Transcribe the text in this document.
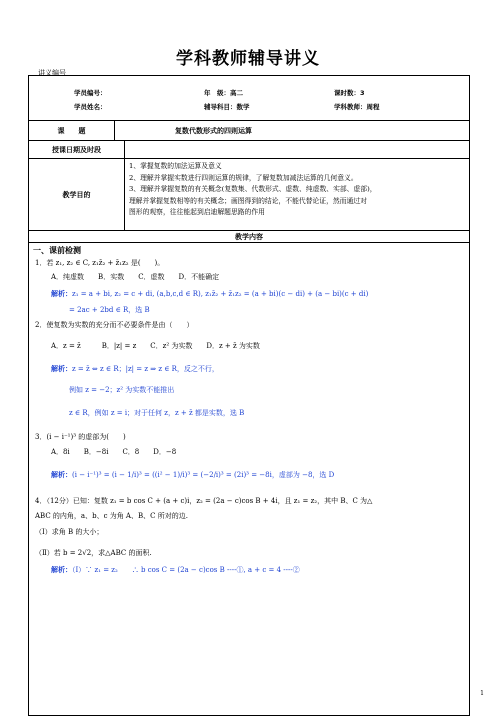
学科教师辅导讲义
讲义编号
学员编号：	年　级：高二	课时数：3
学员姓名：	辅导科目：数学	学科教师：周程
课　　题	复数代数形式的四则运算
授课日期及时段
教学目的
1、掌握复数的加法运算及意义
2、理解并掌握实数进行四则运算的规律，了解复数加减法运算的几何意义。
3、理解并掌握复数的有关概念(复数集、代数形式、虚数、纯虚数、实部、虚部)，
理解并掌握复数相等的有关概念；画图得到的结论，不能代替论证，然而通过对
图形的观察，往往能起到启迪解题思路的作用
教学内容
一、课前检测
1．若 z₁, z₂ ∈ C, z₁z̄₂ + z̄₁z₂ 是(　　)。
A．纯虚数　　B．实数　　C．虚数　　D．不能确定
解析：z₁ = a + bi, z₂ = c + di, (a,b,c,d ∈ R), z₁z̄₂ + z̄₁z₂ = (a + bi)(c − di) + (a − bi)(c + di)
= 2ac + 2bd ∈ R，选 B
2．使复数为实数的充分而不必要条件是由（　　）
A．z = z̄　　　B．|z| = z　　C．z² 为实数　　D．z + z̄ 为实数
解析：z = z̄ ⇔ z ∈ R；|z| = z ⇒ z ∈ R，反之不行，
例如 z = −2；z² 为实数不能推出
z ∈ R，例如 z = i；对于任何 z，z + z̄ 都是实数，选 B
3．(i − i⁻¹)³ 的虚部为(　　)
A．8i　　B．−8i　　C．8　　D．−8
解析：(i − i⁻¹)³ = (i − 1/i)³ = ((i² − 1)/i)³ = (−2/i)³ = (2i)³ = −8i，虚部为 −8，选 D
4．（12分）已知：复数 z₁ = b cos C + (a + c)i，z₂ = (2a − c)cos B + 4i，且 z₁ = z₂，其中 B、C 为△
ABC 的内角，a、b、c 为角 A、B、C 所对的边.
（Ⅰ）求角 B 的大小；
（Ⅱ）若 b = 2√2，求△ABC 的面积.
解析：（Ⅰ）∵ z₁ = z₂　　∴ b cos C = (2a − c)cos B ----①, a + c = 4 ----②
1
